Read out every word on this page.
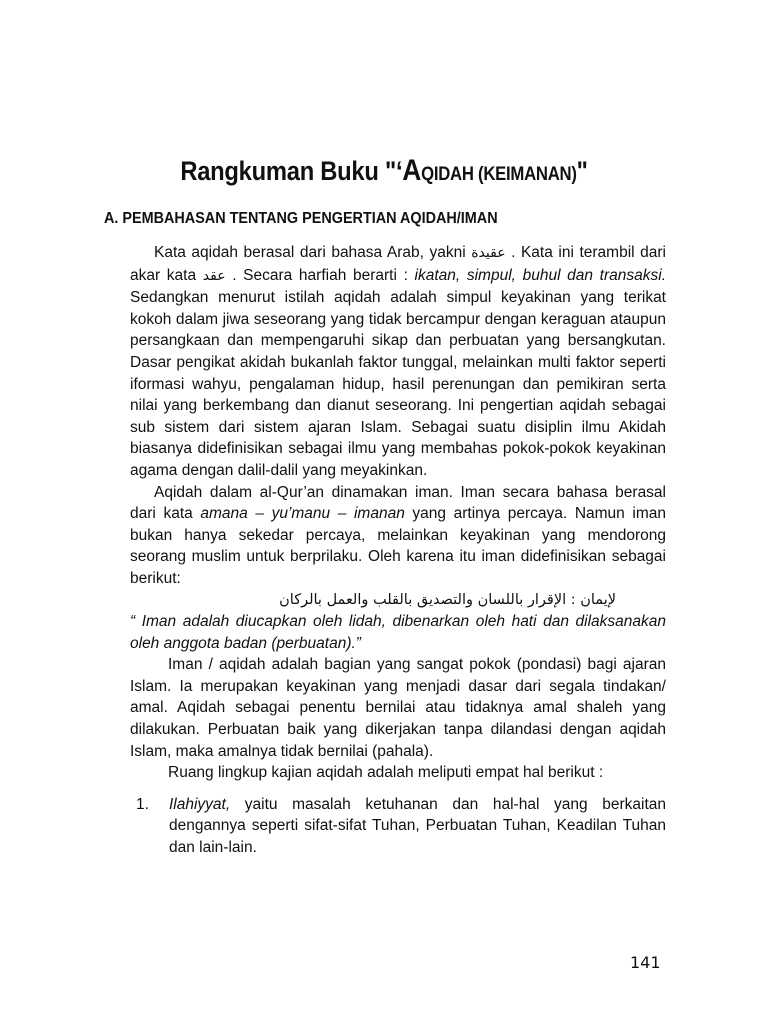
Rangkuman Buku "‘AQIDAH (KEIMANAN)"
A. PEMBAHASAN TENTANG PENGERTIAN AQIDAH/IMAN

Kata aqidah berasal dari bahasa Arab, yakni عقيدة . Kata ini terambil dari akar kata عقد . Secara harfiah berarti : ikatan, simpul, buhul dan transaksi. Sedangkan menurut istilah aqidah adalah simpul keyakinan yang terikat kokoh dalam jiwa seseorang yang tidak bercampur dengan keraguan ataupun persangkaan dan mempengaruhi sikap dan perbuatan yang bersangkutan. Dasar pengikat akidah bukanlah faktor tunggal, melainkan multi faktor seperti iformasi wahyu, pengalaman hidup, hasil perenungan dan pemikiran serta nilai yang berkembang dan dianut seseorang. Ini pengertian aqidah sebagai sub sistem dari sistem ajaran Islam. Sebagai suatu disiplin ilmu Akidah biasanya didefinisikan sebagai ilmu yang membahas pokok-pokok keyakinan agama dengan dalil-dalil yang meyakinkan.

Aqidah dalam al-Qur’an dinamakan iman. Iman secara bahasa berasal dari kata amana – yu’manu – imanan yang artinya percaya. Namun iman bukan hanya sekedar percaya, melainkan keyakinan yang mendorong seorang muslim untuk berprilaku. Oleh karena itu iman didefinisikan sebagai berikut:

لإيمان : الإقرار باللسان والتصديق بالقلب والعمل بالركان

“ Iman adalah diucapkan oleh lidah, dibenarkan oleh hati dan dilaksanakan oleh anggota badan (perbuatan).”

Iman / aqidah adalah bagian yang sangat pokok (pondasi) bagi ajaran Islam. Ia merupakan keyakinan yang menjadi dasar dari segala tindakan/ amal. Aqidah sebagai penentu bernilai atau tidaknya amal shaleh yang dilakukan. Perbuatan baik yang dikerjakan tanpa dilandasi dengan aqidah Islam, maka amalnya tidak bernilai (pahala).

Ruang lingkup kajian aqidah adalah meliputi empat hal berikut :

1. Ilahiyyat, yaitu masalah ketuhanan dan hal-hal yang berkaitan dengannya seperti sifat-sifat Tuhan, Perbuatan Tuhan, Keadilan Tuhan dan lain-lain.

141
